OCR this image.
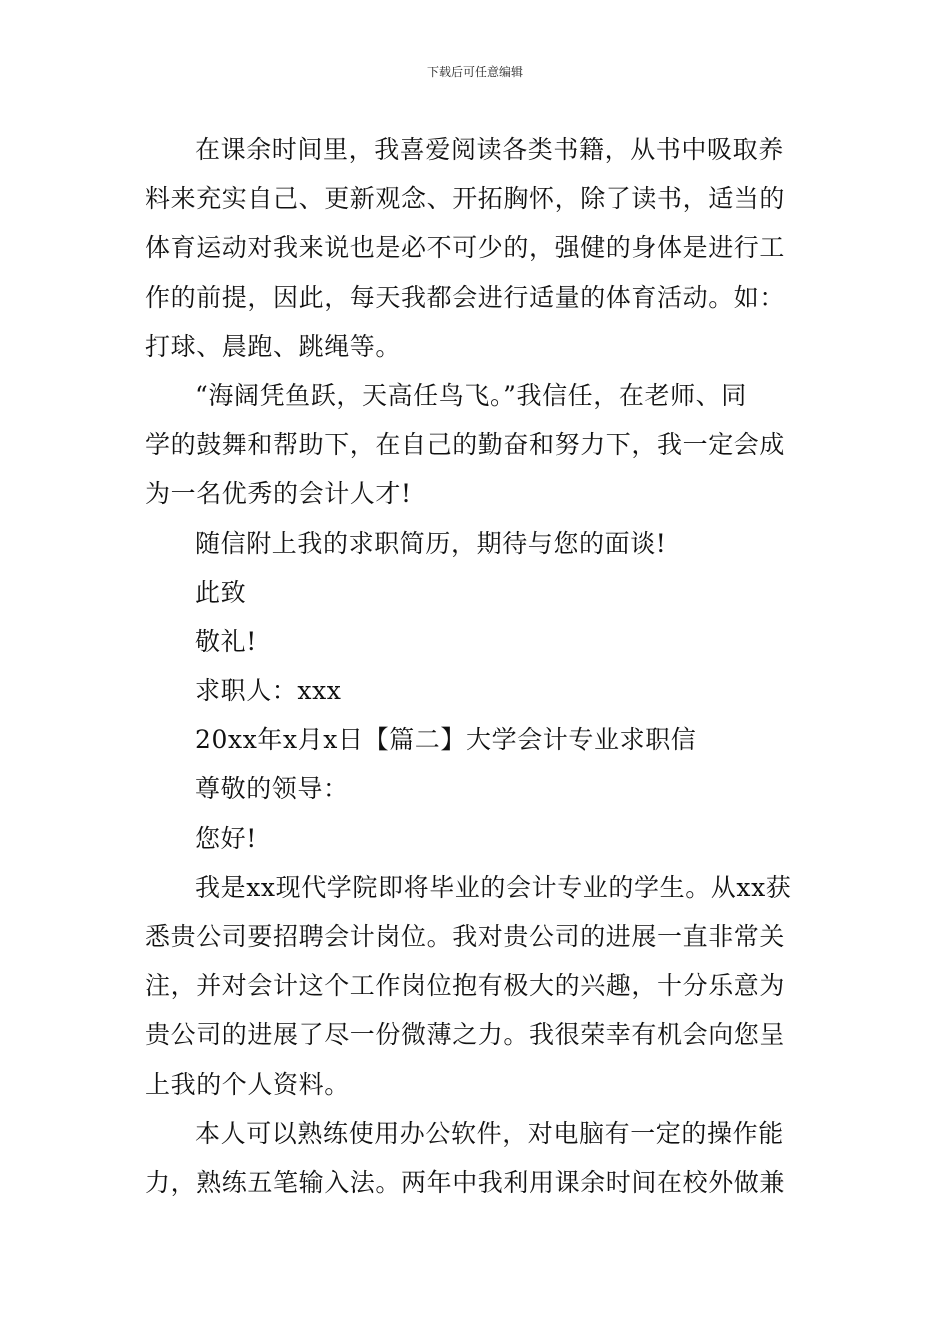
下载后可任意编辑
在课余时间里，我喜爱阅读各类书籍，从书中吸取养
料来充实自己、更新观念、开拓胸怀，除了读书，适当的
体育运动对我来说也是必不可少的，强健的身体是进行工
作的前提，因此，每天我都会进行适量的体育活动。如：
打球、晨跑、跳绳等。
“海阔凭鱼跃，天高任鸟飞。”我信任，在老师、同
学的鼓舞和帮助下，在自己的勤奋和努力下，我一定会成
为一名优秀的会计人才!
随信附上我的求职简历，期待与您的面谈!
此致
敬礼!
求职人：xxx
20xx年x月x日【篇二】大学会计专业求职信
尊敬的领导：
您好!
我是xx现代学院即将毕业的会计专业的学生。从xx获
悉贵公司要招聘会计岗位。我对贵公司的进展一直非常关
注，并对会计这个工作岗位抱有极大的兴趣，十分乐意为
贵公司的进展了尽一份微薄之力。我很荣幸有机会向您呈
上我的个人资料。
本人可以熟练使用办公软件，对电脑有一定的操作能
力，熟练五笔输入法。两年中我利用课余时间在校外做兼
